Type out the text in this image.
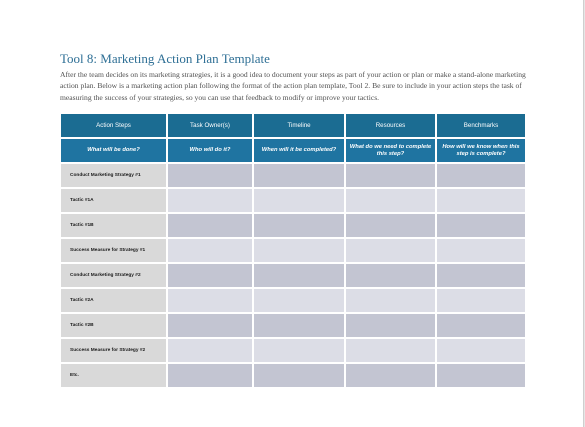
Tool 8: Marketing Action Plan Template
After the team decides on its marketing strategies, it is a good idea to document your steps as part of your action or plan or make a stand-alone marketing action plan. Below is a marketing action plan following the format of the action plan template, Tool 2. Be sure to include in your action steps the task of measuring the success of your strategies, so you can use that feedback to modify or improve your tactics.
Action Steps	Task Owner(s)	Timeline	Resources	Benchmarks
What will be done?	Who will do it?	When will it be completed?	What do we need to complete this step?	How will we know when this step is complete?
Conduct Marketing Strategy #1				
Tactic #1A				
Tactic #1B				
Success Measure for Strategy #1				
Conduct Marketing Strategy #2				
Tactic #2A				
Tactic #2B				
Success Measure for Strategy #2				
Etc.				
